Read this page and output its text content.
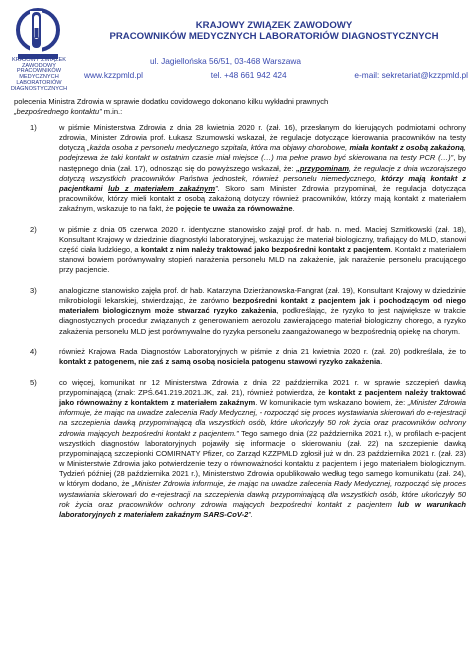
KRAJOWY ZWIĄZEK
ZAWODOWY
PRACOWNIKÓW
MEDYCZNYCH
LABORATORIÓW
DIAGNOSTYCZNYCH
KRAJOWY ZWIĄZEK ZAWODOWY
PRACOWNIKÓW MEDYCZNYCH LABORATORIÓW DIAGNOSTYCZNYCH
ul. Jagiellońska 56/51, 03-468 Warszawa
www.kzzpmld.pl	tel. +48 661 942 424	e-mail: sekretariat@kzzpmld.pl
polecenia Ministra Zdrowia w sprawie dodatku covidowego dokonano kilku wykładni prawnych
„bezpośrednego kontaktu” m.in.:
1)	w piśmie Ministerstwa Zdrowia z dnia 28 kwietnia 2020 r. (zał. 16), przesłanym do kierujących podmiotami ochrony zdrowia, Minister Zdrowia prof. Łukasz Szumowski wskazał, że regulacje dotyczące kierowania pracowników na testy dotyczą „każda osoba z personelu medycznego szpitala, która ma objawy chorobowe, miała kontakt z osobą zakażoną, podejrzewa że taki kontakt w ostatnim czasie miał miejsce (…) ma pełne prawo być skierowana na testy PCR (…)”, by następnego dnia (zał. 17), odnosząc się do powyższego wskazał, że: „przypominam, że regulacje z dnia wczorajszego dotyczą wszystkich pracowników Państwa jednostek, również personelu niemedycznego, którzy mają kontakt z pacjentkami lub z materiałem zakaźnym”. Skoro sam Minister Zdrowia przypominał, że regulacja dotycząca pracowników, którzy mieli kontakt z osobą zakażoną dotyczy również pracowników, którzy mają kontakt z materiałem zakaźnym, wskazuje to na fakt, że pojęcie te uważa za równoważne.
2)	w piśmie z dnia 05 czerwca 2020 r. identyczne stanowisko zajął prof. dr hab. n. med. Maciej Szmitkowski (zał. 18), Konsultant Krajowy w dziedzinie diagnostyki laboratoryjnej, wskazując że materiał biologiczny, trafiający do MLD, stanowi część ciała ludzkiego, a kontakt z nim należy traktować jako bezpośredni kontakt z pacjentem. Kontakt z materiałem stanowi bowiem porównywalny stopień narażenia personelu MLD na zakażenie, jak narażenie personelu pracującego przy pacjencie.
3)	analogiczne stanowisko zajęła prof. dr hab. Katarzyna Dzierżanowska-Fangrat (zał. 19), Konsultant Krajowy w dziedzinie mikrobiologii lekarskiej, stwierdzając, że zarówno bezpośredni kontakt z pacjentem jak i pochodzącym od niego materiałem biologicznym może stwarzać ryzyko zakażenia, podkreślając, że ryzyko to jest największe w trakcie diagnostycznych procedur związanych z generowaniem aerozolu zawierającego materiał biologiczny chorego, a ryzyko zakażenia personelu MLD jest porównywalne do ryzyka personelu zaangażowanego w bezpośrednią opiekę na chorym.
4)	również Krajowa Rada Diagnostów Laboratoryjnych w piśmie z dnia 21 kwietnia 2020 r. (zał. 20) podkreślała, że to kontakt z patogenem, nie zaś z samą osobą nosiciela patogenu stawowi ryzyko zakażenia.
5)	co więcej, komunikat nr 12 Ministerstwa Zdrowia z dnia 22 października 2021 r. w sprawie szczepień dawką przypominającą (znak: ZPŚ.641.219.2021.JK, zał. 21), również potwierdza, że kontakt z pacjentem należy traktować jako równoważny z kontaktem z materiałem zakaźnym. W komunikacie tym wskazano bowiem, że: „Minister Zdrowia informuje, że mając na uwadze zalecenia Rady Medycznej, - rozpocząć się proces wystawiania skierowań do e-rejestracji na szczepienia dawką przypominającą dla wszystkich osób, które ukończyły 50 rok życia oraz pracowników ochrony zdrowia mających bezpośredni kontakt z pacjentem.” Tego samego dnia (22 października 2021 r.), w profilach e-pacjent wszystkich diagnostów laboratoryjnych pojawiły się informacje o skierowaniu (zał. 22) na szczepienie dawką przypominającą szczepionki COMIRNATY Pfizer, co Zarząd KZZPMLD zgłosił już w dn. 23 października 2021 r. (zał. 23) w Ministerstwie Zdrowia jako potwierdzenie tezy o równoważności kontaktu z pacjentem i jego materiałem biologicznym. Tydzień później (28 października 2021 r.), Ministerstwo Zdrowia opublikowało według tego samego komunikatu (zał. 24), w którym dodano, że „Minister Zdrowia informuje, że mając na uwadze zalecenia Rady Medycznej, rozpocząć się proces wystawiania skierowań do e-rejestracji na szczepienia dawką przypominającą dla wszystkich osób, które ukończyły 50 rok życia oraz pracowników ochrony zdrowia mających bezpośredni kontakt z pacjentem lub w warunkach laboratoryjnych z materiałem zakaźnym SARS-CoV-2”.
